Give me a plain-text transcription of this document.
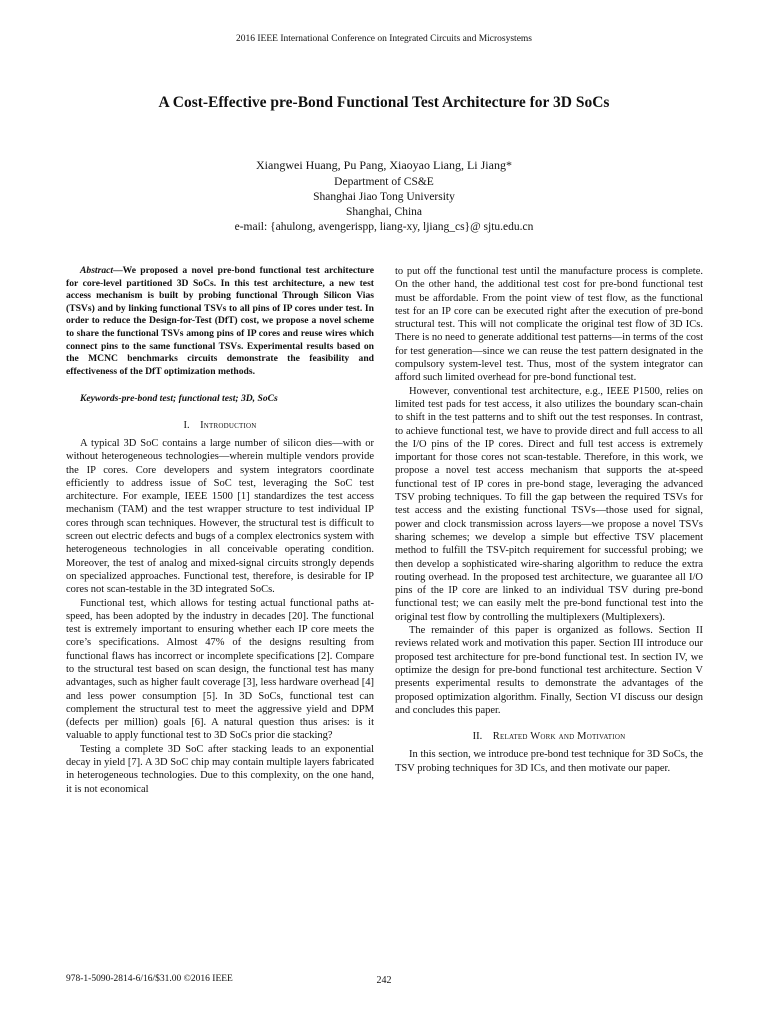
2016 IEEE International Conference on Integrated Circuits and Microsystems
A Cost-Effective pre-Bond Functional Test Architecture for 3D SoCs
Xiangwei Huang, Pu Pang, Xiaoyao Liang, Li Jiang*
Department of CS&E
Shanghai Jiao Tong University
Shanghai, China
e-mail: {ahulong, avengerispp, liang-xy, ljiang_cs}@ sjtu.edu.cn

Abstract—We proposed a novel pre-bond functional test architecture for core-level partitioned 3D SoCs. In this test architecture, a new test access mechanism is built by probing functional Through Silicon Vias (TSVs) and by linking functional TSVs to all pins of IP cores under test. In order to reduce the Design-for-Test (DfT) cost, we propose a novel scheme to share the functional TSVs among pins of IP cores and reuse wires which connect pins to the same functional TSVs. Experimental results based on the MCNC benchmarks circuits demonstrate the feasibility and effectiveness of the DfT optimization methods.

Keywords-pre-bond test; functional test; 3D, SoCs

I. Introduction

A typical 3D SoC contains a large number of silicon dies—with or without heterogeneous technologies—wherein multiple vendors provide the IP cores. Core developers and system integrators coordinate efficiently to address issue of SoC test, leveraging the SoC test architecture. For example, IEEE 1500 [1] standardizes the test access mechanism (TAM) and the test wrapper structure to test individual IP cores through scan techniques. However, the structural test is difficult to screen out electric defects and bugs of a complex electronics system with heterogeneous technologies in all conceivable operating condition. Moreover, the test of analog and mixed-signal circuits strongly depends on specialized approaches. Functional test, therefore, is desirable for IP cores not scan-testable in the 3D integrated SoCs.

Functional test, which allows for testing actual functional paths at-speed, has been adopted by the industry in decades [20]. The functional test is extremely important to ensuring whether each IP core meets the core’s specifications. Almost 47% of the designs resulting from functional flaws has incorrect or incomplete specifications [2]. Compare to the structural test based on scan design, the functional test has many advantages, such as higher fault coverage [3], less hardware overhead [4] and less power consumption [5]. In 3D SoCs, functional test can complement the structural test to meet the aggressive yield and DPM (defects per million) goals [6]. A natural question thus arises: is it valuable to apply functional test to 3D SoCs prior die stacking?

Testing a complete 3D SoC after stacking leads to an exponential decay in yield [7]. A 3D SoC chip may contain multiple layers fabricated in heterogeneous technologies. Due to this complexity, on the one hand, it is not economical

to put off the functional test until the manufacture process is complete. On the other hand, the additional test cost for pre-bond functional test must be affordable. From the point view of test flow, as the functional test for an IP core can be executed right after the execution of pre-bond structural test. This will not complicate the original test flow of 3D ICs. There is no need to generate additional test patterns—in terms of the cost for test generation—since we can reuse the test pattern designated in the compulsory system-level test. Thus, most of the system integrator can afford such limited overhead for pre-bond functional test.

However, conventional test architecture, e.g., IEEE P1500, relies on limited test pads for test access, it also utilizes the boundary scan-chain to shift in the test patterns and to shift out the test responses. In contrast, to achieve functional test, we have to provide direct and full access to all the I/O pins of the IP cores. Direct and full test access is extremely important for those cores not scan-testable. Therefore, in this work, we propose a novel test access mechanism that supports the at-speed functional test of IP cores in pre-bond stage, leveraging the advanced TSV probing techniques. To fill the gap between the required TSVs for test access and the existing functional TSVs—those used for signal, power and clock transmission across layers—we propose a novel TSVs sharing schemes; we develop a simple but effective TSV placement method to fulfill the TSV-pitch requirement for successful probing; we then develop a sophisticated wire-sharing algorithm to reduce the extra routing overhead. In the proposed test architecture, we guarantee all I/O pins of the IP core are linked to an individual TSV during pre-bond functional test; we can easily melt the pre-bond functional test into the original test flow by controlling the multiplexers (Multiplexers).

The remainder of this paper is organized as follows. Section II reviews related work and motivation this paper. Section III introduce our proposed test architecture for pre-bond functional test. In section IV, we optimize the design for pre-bond functional test architecture. Section V presents experimental results to demonstrate the advantages of the proposed optimization algorithm. Finally, Section VI discuss our design and concludes this paper.

II. Related Work and Motivation

In this section, we introduce pre-bond test technique for 3D SoCs, the TSV probing techniques for 3D ICs, and then motivate our paper.

978-1-5090-2814-6/16/$31.00 ©2016 IEEE	242
